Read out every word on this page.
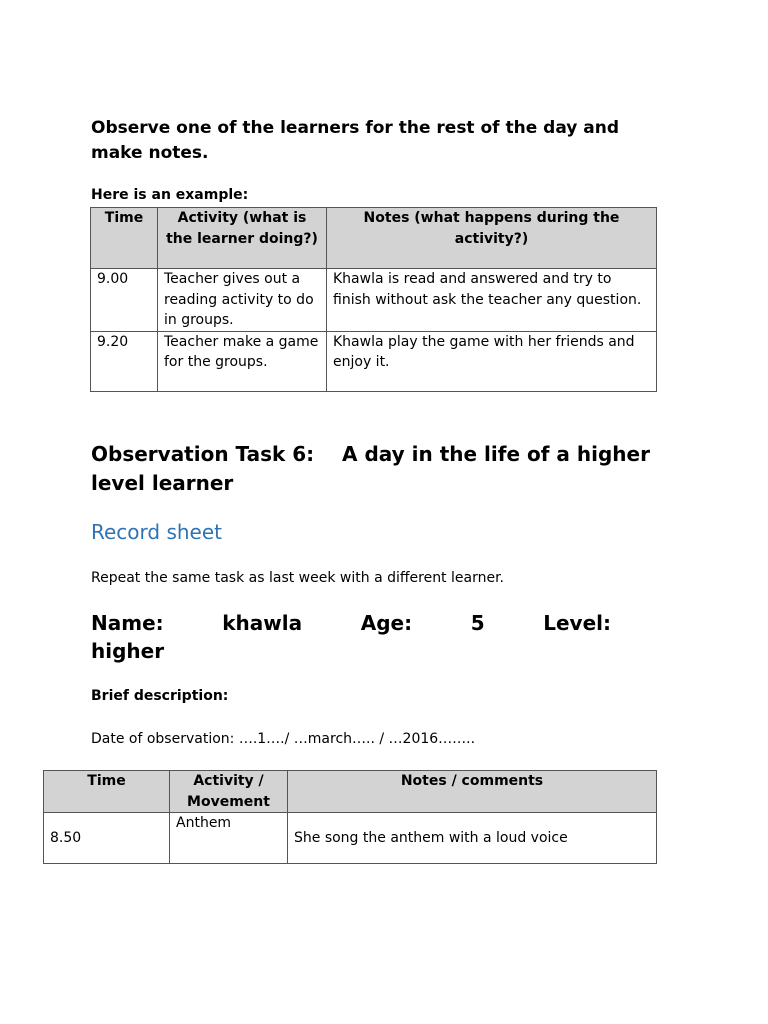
Observe one of the learners for the rest of the day and make notes.
Here is an example:
Time	Activity (what is the learner doing?)	Notes (what happens during the activity?)
9.00	Teacher gives out a reading activity to do in groups.	Khawla is read and answered and try to finish without ask the teacher any question.
9.20	Teacher make a game for the groups.	Khawla play the game with her friends and enjoy it.
Observation Task 6:    A day in the life of a higher level learner
Record sheet
Repeat the same task as last week with a different learner.
Name:	khawla	Age:	5	Level:
higher
Brief description:
Date of observation: ….1…./ …march….. / …2016……..
Time	Activity / Movement	Notes / comments
8.50	Anthem	She song the anthem with a loud voice
